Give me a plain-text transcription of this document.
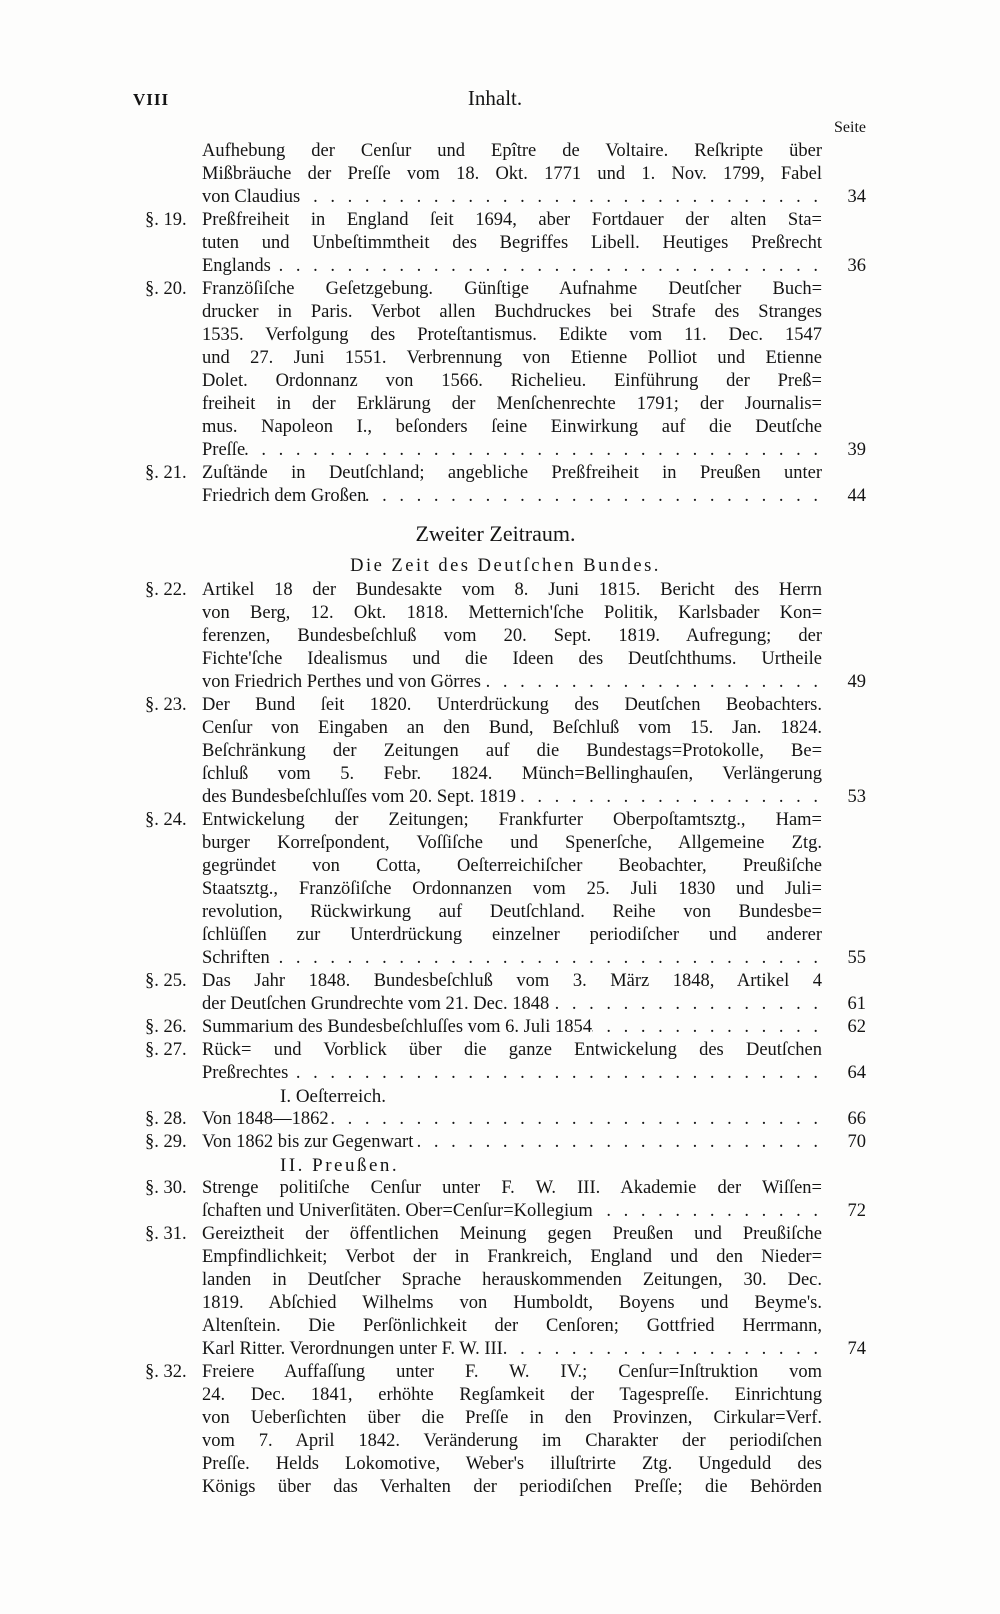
VIII	Inhalt.
Seite
Aufhebung der Cenſur und Epître de Voltaire. Reſkripte über
Mißbräuche der Preſſe vom 18. Okt. 1771 und 1. Nov. 1799, Fabel
von Claudius . . .	34
§. 19. Preßfreiheit in England ſeit 1694, aber Fortdauer der alten Sta=
tuten und Unbeſtimmtheit des Begriffes Libell. Heutiges Preßrecht
Englands . . .	36
§. 20. Franzöſiſche Geſetzgebung. Günſtige Aufnahme Deutſcher Buch=
drucker in Paris. Verbot allen Buchdruckes bei Strafe des Stranges
1535. Verfolgung des Proteſtantismus. Edikte vom 11. Dec. 1547
und 27. Juni 1551. Verbrennung von Etienne Polliot und Etienne
Dolet. Ordonnanz von 1566. Richelieu. Einführung der Preß=
freiheit in der Erklärung der Menſchenrechte 1791; der Journalis=
mus. Napoleon I., beſonders ſeine Einwirkung auf die Deutſche
Preſſe . . .	39
§. 21. Zuſtände in Deutſchland; angebliche Preßfreiheit in Preußen unter
Friedrich dem Großen . . .	44
Zweiter Zeitraum.
Die Zeit des Deutſchen Bundes.
§. 22. Artikel 18 der Bundesakte vom 8. Juni 1815. Bericht des Herrn
von Berg, 12. Okt. 1818. Metternich'ſche Politik, Karlsbader Kon=
ferenzen, Bundesbeſchluß vom 20. Sept. 1819. Aufregung; der
Fichte'ſche Idealismus und die Ideen des Deutſchthums. Urtheile
von Friedrich Perthes und von Görres . . .	49
§. 23. Der Bund ſeit 1820. Unterdrückung des Deutſchen Beobachters.
Cenſur von Eingaben an den Bund, Beſchluß vom 15. Jan. 1824.
Beſchränkung der Zeitungen auf die Bundestags=Protokolle, Be=
ſchluß vom 5. Febr. 1824. Münch=Bellinghauſen, Verlängerung
des Bundesbeſchluſſes vom 20. Sept. 1819 . . .	53
§. 24. Entwickelung der Zeitungen; Frankfurter Oberpoſtamtsztg., Ham=
burger Korreſpondent, Voſſiſche und Spenerſche, Allgemeine Ztg.
gegründet von Cotta, Oeſterreichiſcher Beobachter, Preußiſche
Staatsztg., Franzöſiſche Ordonnanzen vom 25. Juli 1830 und Juli=
revolution, Rückwirkung auf Deutſchland. Reihe von Bundesbe=
ſchlüſſen zur Unterdrückung einzelner periodiſcher und anderer
Schriften . . .	55
§. 25. Das Jahr 1848. Bundesbeſchluß vom 3. März 1848, Artikel 4
der Deutſchen Grundrechte vom 21. Dec. 1848 . . .	61
§. 26. Summarium des Bundesbeſchluſſes vom 6. Juli 1854 . . .	62
§. 27. Rück= und Vorblick über die ganze Entwickelung des Deutſchen
Preßrechtes . . .	64
I. Oeſterreich.
§. 28. Von 1848—1862 . . .	66
§. 29. Von 1862 bis zur Gegenwart . . .	70
II. Preußen.
§. 30. Strenge politiſche Cenſur unter F. W. III. Akademie der Wiſſen=
ſchaften und Univerſitäten. Ober=Cenſur=Kollegium . . .	72
§. 31. Gereiztheit der öffentlichen Meinung gegen Preußen und Preußiſche
Empfindlichkeit; Verbot der in Frankreich, England und den Nieder=
landen in Deutſcher Sprache herauskommenden Zeitungen, 30. Dec.
1819. Abſchied Wilhelms von Humboldt, Boyens und Beyme's.
Altenſtein. Die Perſönlichkeit der Cenſoren; Gottfried Herrmann,
Karl Ritter. Verordnungen unter F. W. III. . . .	74
§. 32. Freiere Auffaſſung unter F. W. IV.; Cenſur=Inſtruktion vom
24. Dec. 1841, erhöhte Regſamkeit der Tagespreſſe. Einrichtung
von Ueberſichten über die Preſſe in den Provinzen, Cirkular=Verf.
vom 7. April 1842. Veränderung im Charakter der periodiſchen
Preſſe. Helds Lokomotive, Weber's illuſtrirte Ztg. Ungeduld des
Königs über das Verhalten der periodiſchen Preſſe; die Behörden
